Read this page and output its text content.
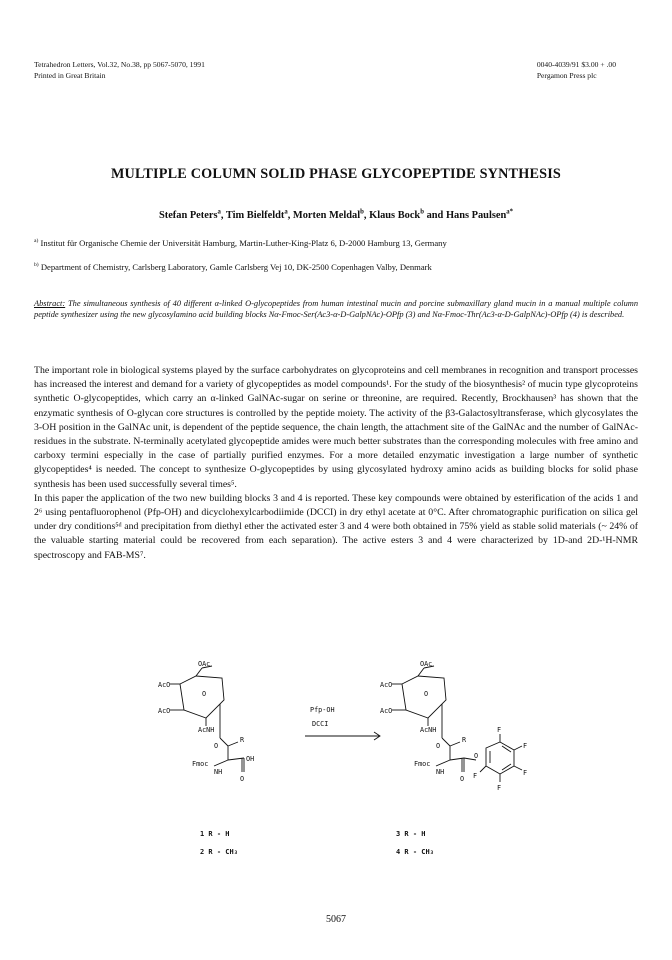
Tetrahedron Letters, Vol.32, No.38, pp 5067-5070, 1991
Printed in Great Britain
0040-4039/91 $3.00 + .00
Pergamon Press plc
MULTIPLE COLUMN SOLID PHASE GLYCOPEPTIDE SYNTHESIS
Stefan Peters$^a$, Tim Bielfeldt$^a$, Morten Meldal$^b$, Klaus Bock$^b$ and Hans Paulsen$^{a*}$
$^{a)}$ Institut für Organische Chemie der Universität Hamburg, Martin-Luther-King-Platz 6, D-2000 Hamburg 13, Germany
$^{b)}$ Department of Chemistry, Carlsberg Laboratory, Gamle Carlsberg Vej 10, DK-2500 Copenhagen Valby, Denmark
Abstract: The simultaneous synthesis of 40 different α-linked O-glycopeptides from human intestinal mucin and porcine submaxillary gland mucin in a manual multiple column peptide synthesizer using the new glycosylamino acid building blocks Nα-Fmoc-Ser(Ac3-α-D-GalpNAc)-OPfp (3) and Nα-Fmoc-Thr(Ac3-α-D-GalpNAc)-OPfp (4) is described.

The important role in biological systems played by the surface carbohydrates on glycoproteins and cell membranes in recognition and transport processes has increased the interest and demand for a variety of glycopeptides as model compounds¹. For the study of the biosynthesis² of mucin type glycoproteins synthetic O-glycopeptides, which carry an α-linked GalNAc-sugar on serine or threonine, are required. Recently, Brockhausen³ has shown that the enzymatic synthesis of O-glycan core structures is controlled by the peptide moiety. The activity of the β3-Galactosyltransferase, which glycosylates the 3-OH position in the GalNAc unit, is dependent of the peptide sequence, the chain length, the attachment site of the GalNAc and the number of GalNAc-residues in the substrate. N-terminally acetylated glycopeptide amides were much better substrates than the corresponding molecules with free amino and carboxy termini especially in the case of partially purified enzymes. For a more detailed enzymatic investigation a large number of synthetic glycopeptides⁴ is needed. The concept to synthesize O-glycopeptides by using glycosylated hydroxy amino acids as building blocks for solid phase synthesis has been used successfully several times⁵.

In this paper the application of the two new building blocks 3 and 4 is reported. These key compounds were obtained by esterification of the acids 1 and 2⁶ using pentafluorophenol (Pfp-OH) and dicyclohexylcarbodiimide (DCCI) in dry ethyl acetate at 0°C. After chromatographic purification on silica gel under dry conditions⁵ᵈ and precipitation from diethyl ether the activated ester 3 and 4 were both obtained in 75% yield as stable solid materials (~ 24% of the valuable starting material could be recovered from each separation). The active esters 3 and 4 were characterized by 1D-and 2D-¹H-NMR spectroscopy and FAB-MS⁷.

OAc
AcO
O
AcO
AcNH
O
R
Fmoc
NH
OH
O
Pfp-OH
DCCI
OAc
AcO
O
AcO
AcNH
O
R
Fmoc
NH
O
O
F
F
F
F
F
1 R - H
2 R - CH₃
3 R - H
4 R - CH₃
5067
